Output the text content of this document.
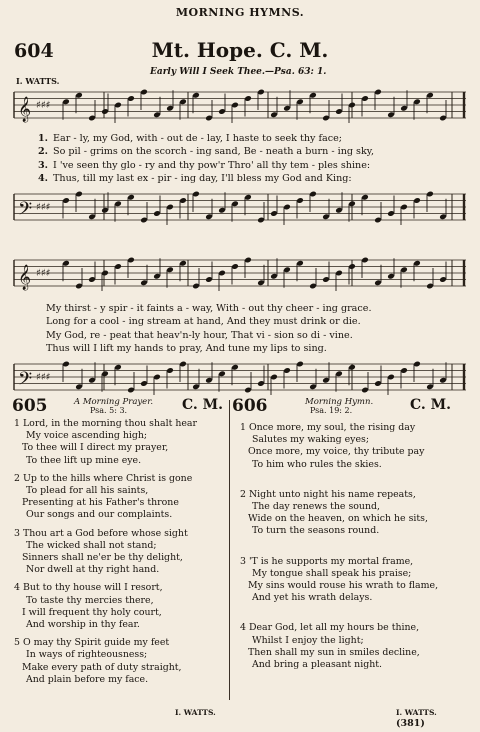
MORNING HYMNS.
604	Mt. Hope. C. M.
Early Will I Seek Thee.—Psa. 63: 1.
I. WATTS.
𝄞 ♯♯♯
1. Ear - ly, my God, with - out de - lay, I haste to seek thy face;
2. So pil - grims on the scorch - ing sand, Be - neath a burn - ing sky,
3. I 've seen thy glo - ry and thy pow'r Thro' all thy tem - ples shine:
4. Thus, till my last ex - pir - ing day, I'll bless my God and King:
𝄢 ♯♯♯
𝄞 ♯♯♯
My thirst - y spir - it faints a - way, With - out thy cheer - ing grace.
Long for a cool - ing stream at hand, And they must drink or die.
My God, re - peat that heav'n-ly hour, That vi - sion so di - vine.
Thus will I lift my hands to pray, And tune my lips to sing.
𝄢 ♯♯♯
605	A Morning Prayer.
Psa. 5: 3.	C. M.
1 Lord, in the morning thou shalt hear
My voice ascending high;
To thee will I direct my prayer,
To thee lift up mine eye.
2 Up to the hills where Christ is gone
To plead for all his saints,
Presenting at his Father's throne
Our songs and our complaints.
3 Thou art a God before whose sight
The wicked shall not stand;
Sinners shall ne'er be thy delight,
Nor dwell at thy right hand.
4 But to thy house will I resort,
To taste thy mercies there,
I will frequent thy holy court,
And worship in thy fear.
5 O may thy Spirit guide my feet
In ways of righteousness;
Make every path of duty straight,
And plain before my face.
I. WATTS.
606	Morning Hymn.
Psa. 19: 2.	C. M.
1 Once more, my soul, the rising day
Salutes my waking eyes;
Once more, my voice, thy tribute pay
To him who rules the skies.
2 Night unto night his name repeats,
The day renews the sound,
Wide on the heaven, on which he sits,
To turn the seasons round.
3 'T is he supports my mortal frame,
My tongue shall speak his praise;
My sins would rouse his wrath to flame,
And yet his wrath delays.
4 Dear God, let all my hours be thine,
Whilst I enjoy the light;
Then shall my sun in smiles decline,
And bring a pleasant night.
I. WATTS.
(381)
